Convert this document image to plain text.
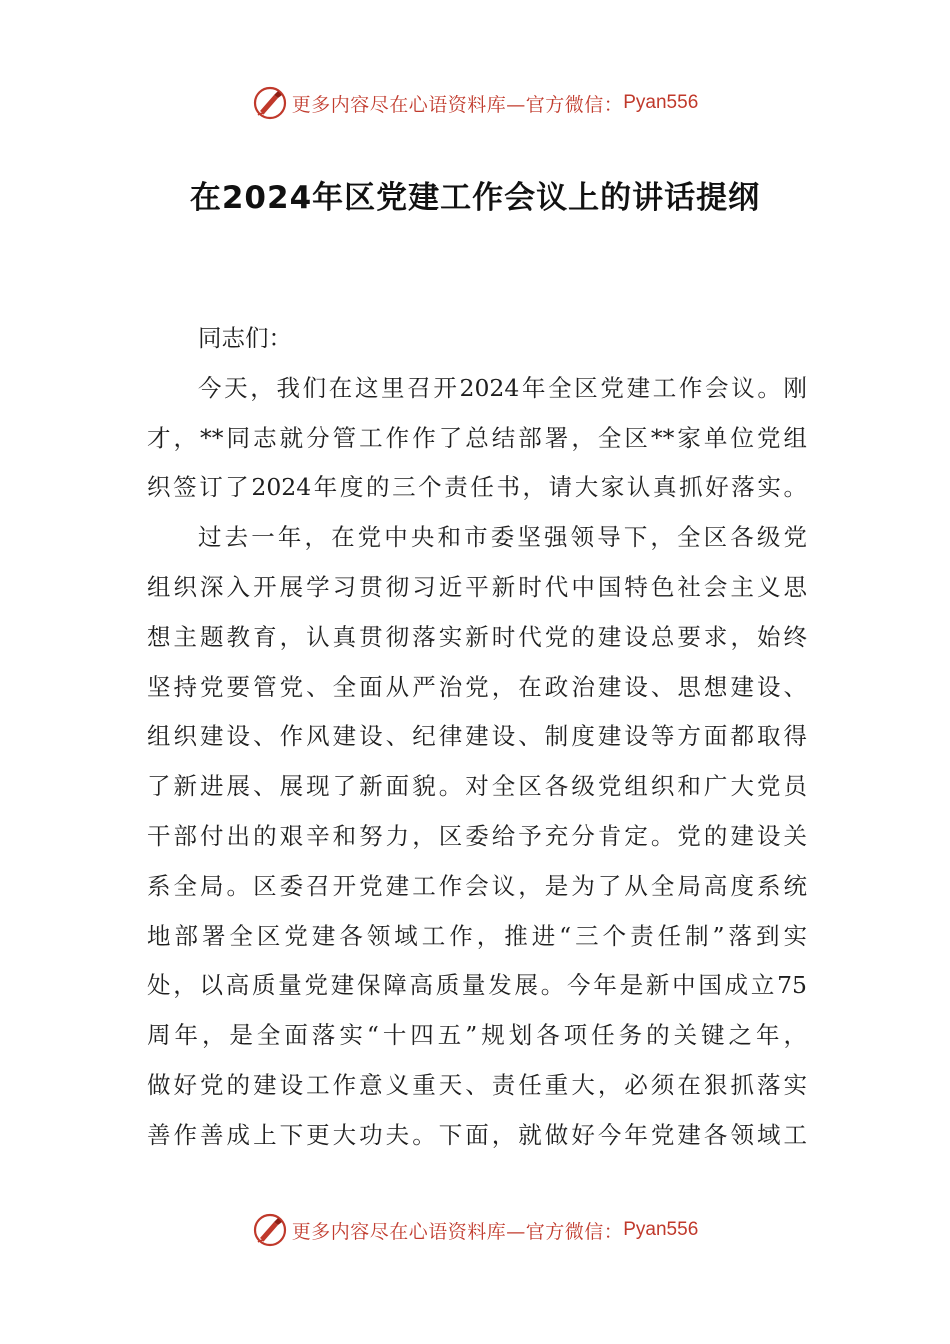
更多内容尽在心语资料库—官方微信： Pyan556
在2024年区党建工作会议上的讲话提纲
同志们：
今天，我们在这里召开2024年全区党建工作会议。刚
才，**同志就分管工作作了总结部署，全区**家单位党组
织签订了2024年度的三个责任书，请大家认真抓好落实。
过去一年，在党中央和市委坚强领导下，全区各级党
组织深入开展学习贯彻习近平新时代中国特色社会主义思
想主题教育，认真贯彻落实新时代党的建设总要求，始终
坚持党要管党、全面从严治党，在政治建设、思想建设、
组织建设、作风建设、纪律建设、制度建设等方面都取得
了新进展、展现了新面貌。对全区各级党组织和广大党员
干部付出的艰辛和努力，区委给予充分肯定。党的建设关
系全局。区委召开党建工作会议，是为了从全局高度系统
地部署全区党建各领域工作，推进“三个责任制”落到实
处，以高质量党建保障高质量发展。今年是新中国成立75
周年，是全面落实“十四五”规划各项任务的关键之年，
做好党的建设工作意义重天、责任重大，必须在狠抓落实
善作善成上下更大功夫。下面，就做好今年党建各领域工
更多内容尽在心语资料库—官方微信： Pyan556
